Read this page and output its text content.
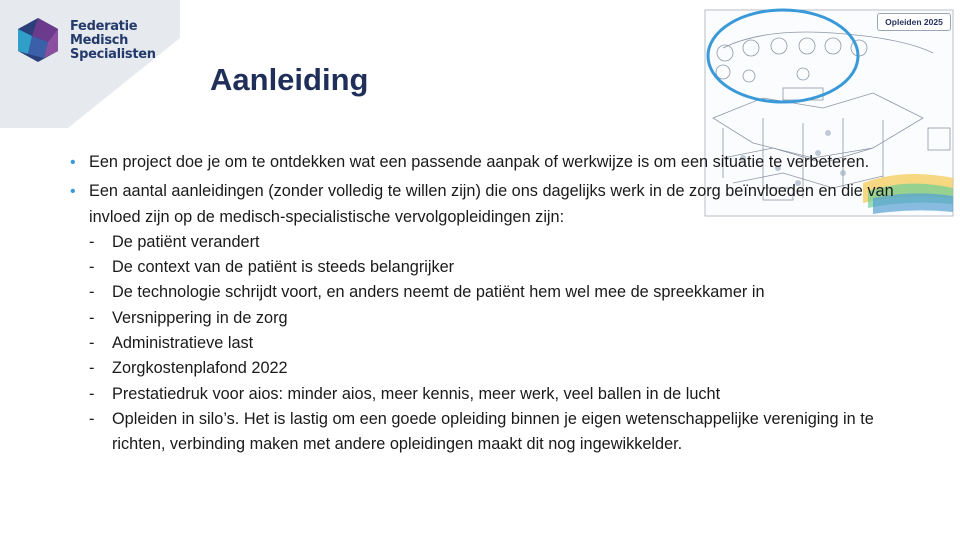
Federatie
Medisch
Specialisten
Aanleiding
Opleiden 2025
• Een project doe je om te ontdekken wat een passende aanpak of werkwijze is om een situatie te verbeteren.
• Een aantal aanleidingen (zonder volledig te willen zijn) die ons dagelijks werk in de zorg beïnvloeden en die van invloed zijn op de medisch-specialistische vervolgopleidingen zijn:
- De patiënt verandert
- De context van de patiënt is steeds belangrijker
- De technologie schrijdt voort, en anders neemt de patiënt hem wel mee de spreekkamer in
- Versnippering in de zorg
- Administratieve last
- Zorgkostenplafond 2022
- Prestatiedruk voor aios: minder aios, meer kennis, meer werk, veel ballen in de lucht
- Opleiden in silo’s. Het is lastig om een goede opleiding binnen je eigen wetenschappelijke vereniging in te richten, verbinding maken met andere opleidingen maakt dit nog ingewikkelder.
